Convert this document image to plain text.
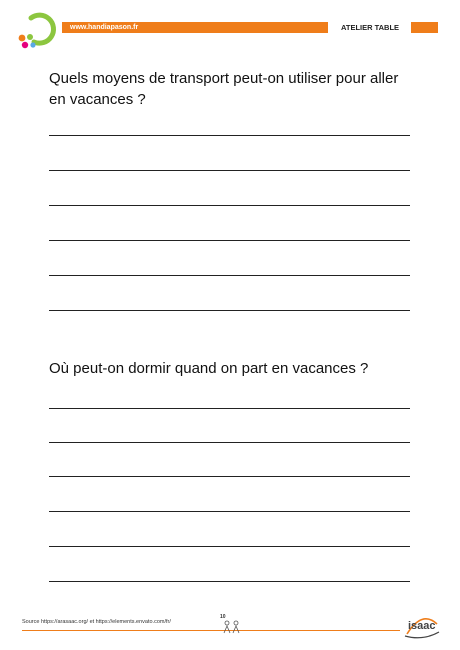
www.handiapason.fr	ATELIER TABLE
Quels moyens de transport peut-on utiliser pour aller en vacances ?
Où peut-on dormir quand on part en vacances ?
Source https://arasaac.org/ et https://elements.envato.com/fr/
10
isaac
